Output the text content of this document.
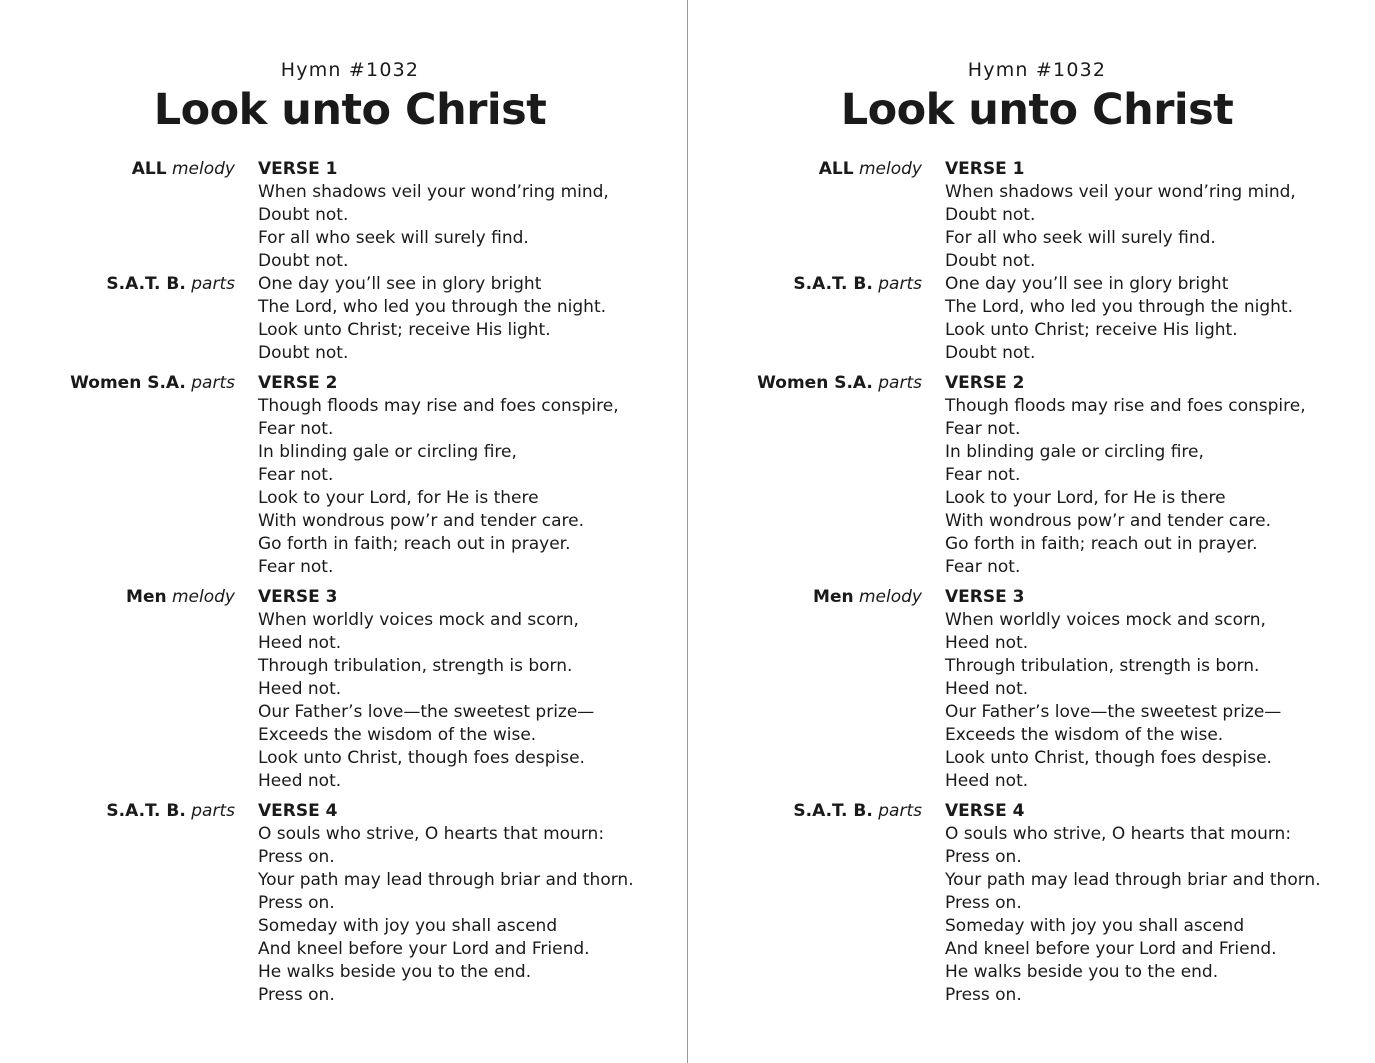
Hymn #1032
Look unto Christ
ALL melody
S.A.T. B. parts
VERSE 1
When shadows veil your wond’ring mind,
Doubt not.
For all who seek will surely find.
Doubt not.
One day you’ll see in glory bright
The Lord, who led you through the night.
Look unto Christ; receive His light.
Doubt not.
Women S.A. parts VERSE 2
Though floods may rise and foes conspire,
Fear not.
In blinding gale or circling fire,
Fear not.
Look to your Lord, for He is there
With wondrous pow’r and tender care.
Go forth in faith; reach out in prayer.
Fear not.
Men melody VERSE 3
When worldly voices mock and scorn,
Heed not.
Through tribulation, strength is born.
Heed not.
Our Father’s love—the sweetest prize—
Exceeds the wisdom of the wise.
Look unto Christ, though foes despise.
Heed not.
S.A.T. B. parts VERSE 4
O souls who strive, O hearts that mourn:
Press on.
Your path may lead through briar and thorn.
Press on.
Someday with joy you shall ascend
And kneel before your Lord and Friend.
He walks beside you to the end.
Press on.
Hymn #1032
Look unto Christ
ALL melody
S.A.T. B. parts
VERSE 1
When shadows veil your wond’ring mind,
Doubt not.
For all who seek will surely find.
Doubt not.
One day you’ll see in glory bright
The Lord, who led you through the night.
Look unto Christ; receive His light.
Doubt not.
Women S.A. parts VERSE 2
Though floods may rise and foes conspire,
Fear not.
In blinding gale or circling fire,
Fear not.
Look to your Lord, for He is there
With wondrous pow’r and tender care.
Go forth in faith; reach out in prayer.
Fear not.
Men melody VERSE 3
When worldly voices mock and scorn,
Heed not.
Through tribulation, strength is born.
Heed not.
Our Father’s love—the sweetest prize—
Exceeds the wisdom of the wise.
Look unto Christ, though foes despise.
Heed not.
S.A.T. B. parts VERSE 4
O souls who strive, O hearts that mourn:
Press on.
Your path may lead through briar and thorn.
Press on.
Someday with joy you shall ascend
And kneel before your Lord and Friend.
He walks beside you to the end.
Press on.
